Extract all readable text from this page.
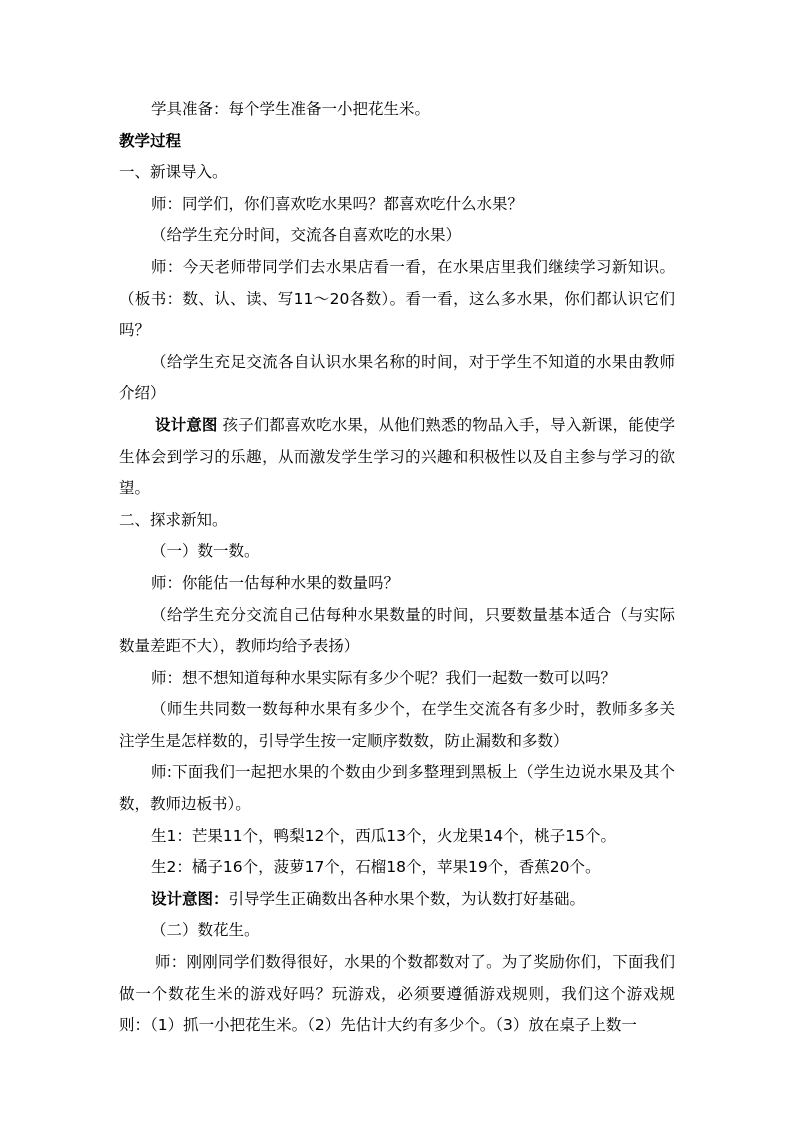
学具准备：每个学生准备一小把花生米。

教学过程

一、新课导入。

师：同学们，你们喜欢吃水果吗？都喜欢吃什么水果？

（给学生充分时间，交流各自喜欢吃的水果）

师：今天老师带同学们去水果店看一看，在水果店里我们继续学习新知识。（板书：数、认、读、写11～20各数）。看一看，这么多水果，你们都认识它们吗？

（给学生充足交流各自认识水果名称的时间，对于学生不知道的水果由教师介绍）

设计意图 孩子们都喜欢吃水果，从他们熟悉的物品入手，导入新课，能使学生体会到学习的乐趣，从而激发学生学习的兴趣和积极性以及自主参与学习的欲望。

二、探求新知。

（一）数一数。

师：你能估一估每种水果的数量吗？

（给学生充分交流自己估每种水果数量的时间，只要数量基本适合（与实际数量差距不大），教师均给予表扬）

师：想不想知道每种水果实际有多少个呢？我们一起数一数可以吗？

（师生共同数一数每种水果有多少个，在学生交流各有多少时，教师多多关注学生是怎样数的，引导学生按一定顺序数数，防止漏数和多数）

师:下面我们一起把水果的个数由少到多整理到黑板上（学生边说水果及其个数，教师边板书）。

生1：芒果11个，鸭梨12个，西瓜13个，火龙果14个，桃子15个。

生2：橘子16个，菠萝17个，石榴18个，苹果19个，香蕉20个。

设计意图：引导学生正确数出各种水果个数，为认数打好基础。

（二）数花生。

师：刚刚同学们数得很好，水果的个数都数对了。为了奖励你们，下面我们做一个数花生米的游戏好吗？玩游戏，必须要遵循游戏规则，我们这个游戏规则：（1）抓一小把花生米。（2）先估计大约有多少个。（3）放在桌子上数一
